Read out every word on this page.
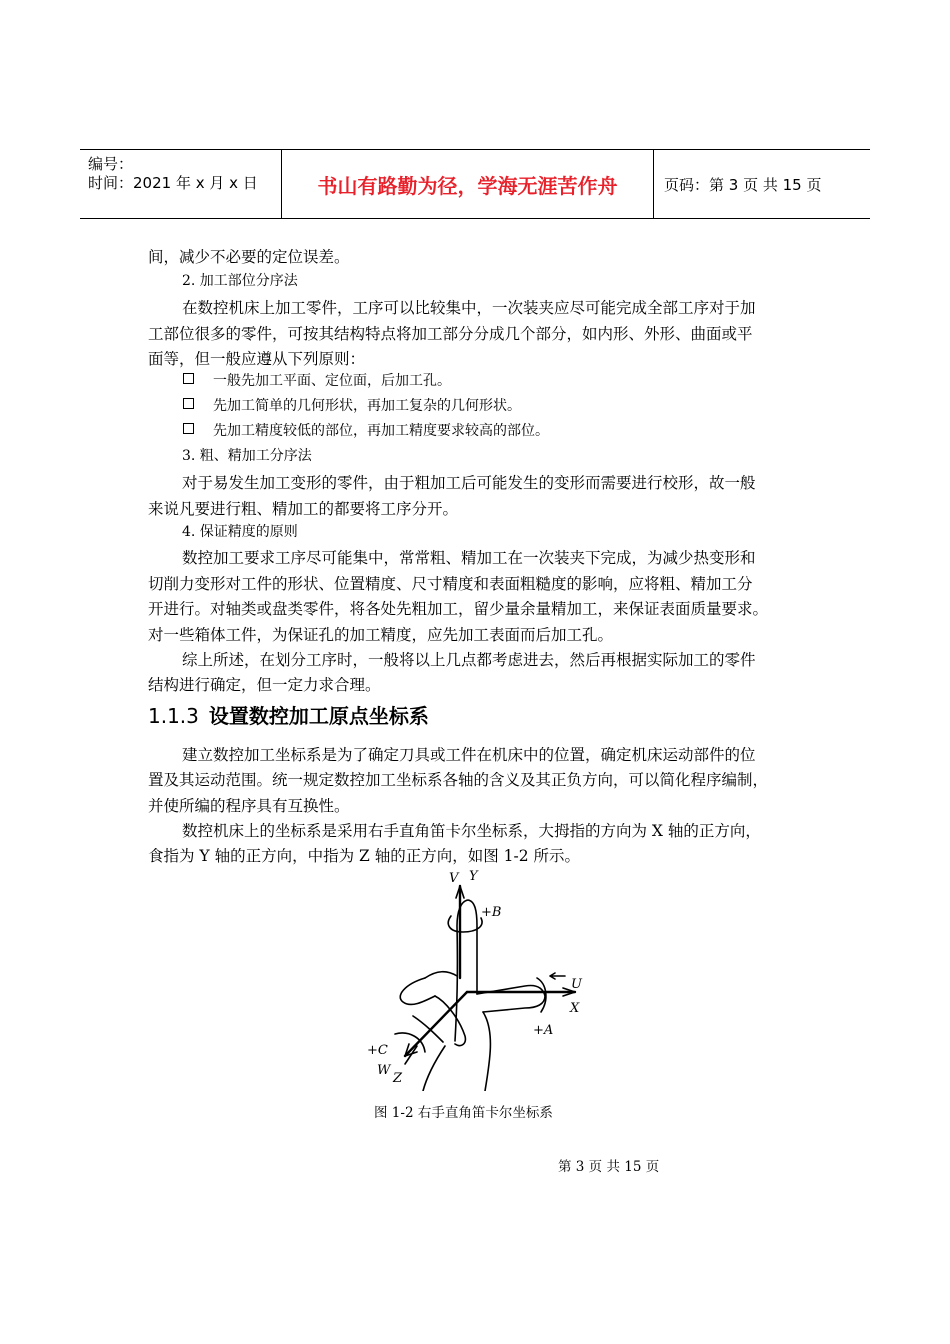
编号：
时间：2021 年 x 月 x 日	书山有路勤为径，学海无涯苦作舟	页码：第 3 页 共 15 页
间，减少不必要的定位误差。
2. 加工部位分序法
在数控机床上加工零件，工序可以比较集中，一次装夹应尽可能完成全部工序对于加
工部位很多的零件，可按其结构特点将加工部分分成几个部分，如内形、外形、曲面或平
面等，但一般应遵从下列原则：
一般先加工平面、定位面，后加工孔。
先加工简单的几何形状，再加工复杂的几何形状。
先加工精度较低的部位，再加工精度要求较高的部位。
3. 粗、精加工分序法
对于易发生加工变形的零件，由于粗加工后可能发生的变形而需要进行校形，故一般
来说凡要进行粗、精加工的都要将工序分开。
4. 保证精度的原则
数控加工要求工序尽可能集中，常常粗、精加工在一次装夹下完成，为减少热变形和
切削力变形对工件的形状、位置精度、尺寸精度和表面粗糙度的影响，应将粗、精加工分
开进行。对轴类或盘类零件，将各处先粗加工，留少量余量精加工，来保证表面质量要求。
对一些箱体工件，为保证孔的加工精度，应先加工表面而后加工孔。
综上所述，在划分工序时，一般将以上几点都考虑进去，然后再根据实际加工的零件
结构进行确定，但一定力求合理。
1.1.3 设置数控加工原点坐标系
建立数控加工坐标系是为了确定刀具或工件在机床中的位置，确定机床运动部件的位
置及其运动范围。统一规定数控加工坐标系各轴的含义及其正负方向，可以简化程序编制，
并使所编的程序具有互换性。
数控机床上的坐标系是采用右手直角笛卡尔坐标系，大拇指的方向为 X 轴的正方向，
食指为 Y 轴的正方向，中指为 Z 轴的正方向，如图 1-2 所示。
V Y
+B
U
X
+A
+C
W
Z
图 1-2 右手直角笛卡尔坐标系
第 3 页 共 15 页
